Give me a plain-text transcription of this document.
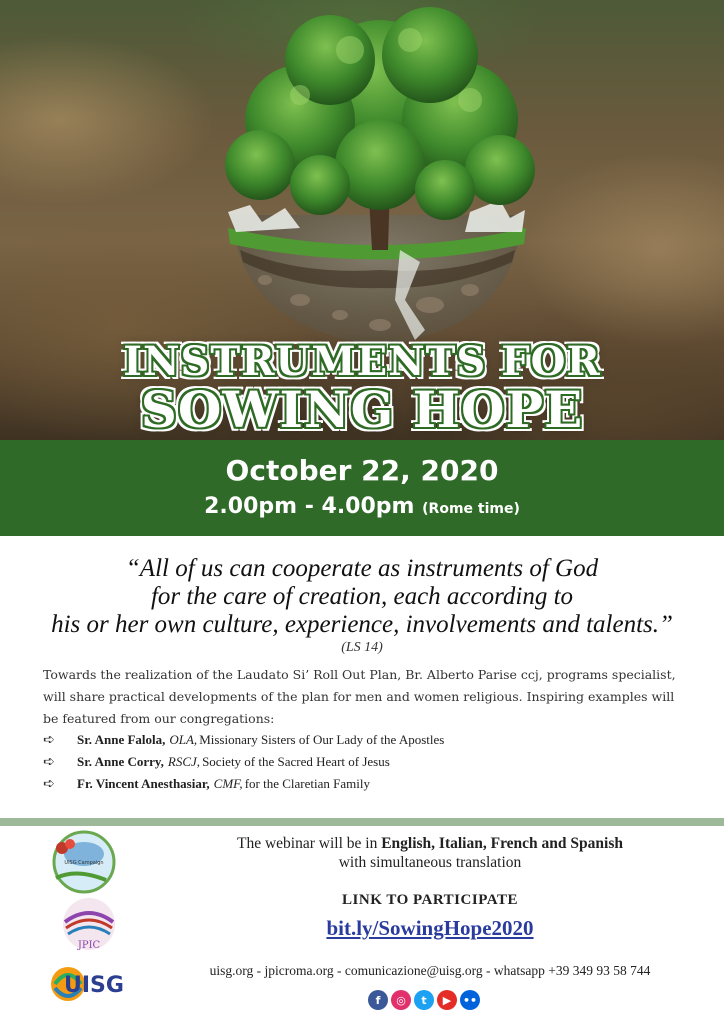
INSTRUMENTS FOR
SOWING HOPE
October 22, 2020
2.00pm - 4.00pm (Rome time)
“All of us can cooperate as instruments of God
for the care of creation, each according to
his or her own culture, experience, involvements and talents.”
(LS 14)
Towards the realization of the Laudato Si’ Roll Out Plan, Br. Alberto Parise ccj, programs specialist, will share practical developments of the plan for men and women religious. Inspiring examples will be featured from our congregations:
➪	Sr. Anne Falola, OLA, Missionary Sisters of Our Lady of the Apostles
➪	Sr. Anne Corry, RSCJ, Society of the Sacred Heart of Jesus
➪	Fr. Vincent Anesthasiar, CMF, for the Claretian Family
UISG Campaign
JPIC
UISG
The webinar will be in English, Italian, French and Spanish
with simultaneous translation
LINK TO PARTICIPATE
bit.ly/SowingHope2020
uisg.org - jpicroma.org - comunicazione@uisg.org - whatsapp +39 349 93 58 744
f	◎	t	▶	••
